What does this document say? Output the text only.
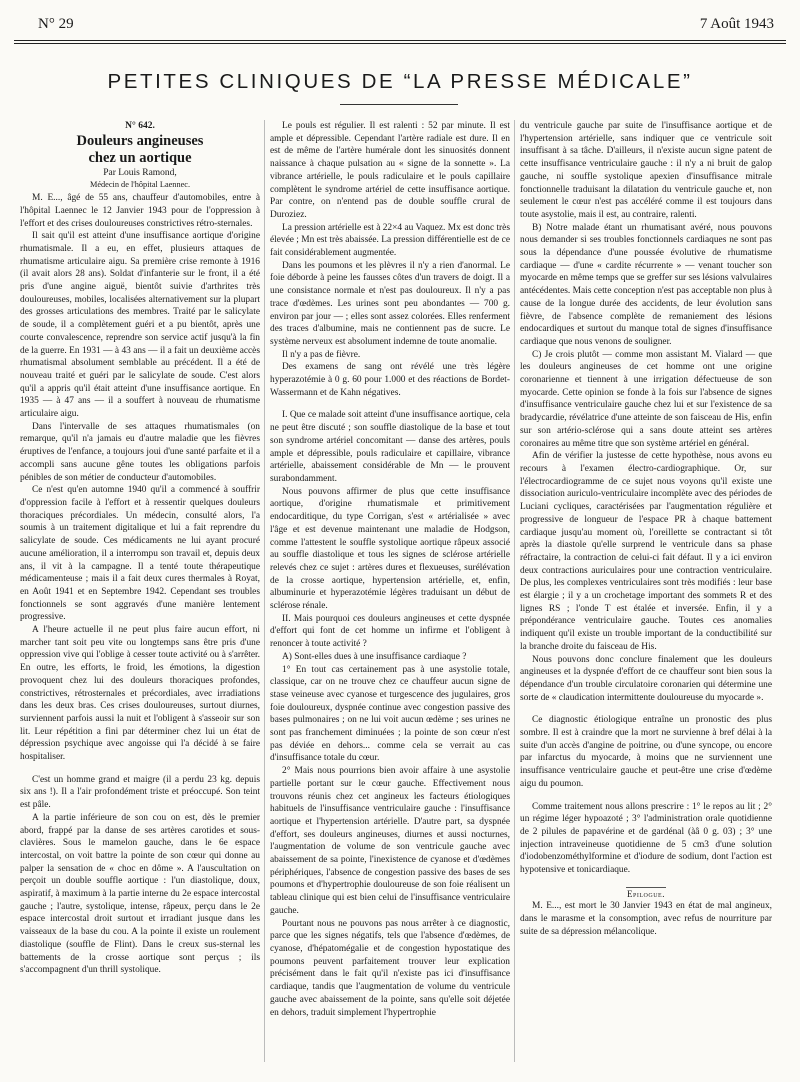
N° 29	7 Août 1943
PETITES CLINIQUES DE “LA PRESSE MÉDICALE”

N° 642.

Douleurs angineuses
chez un aortique

Par Louis Ramond,

Médecin de l'hôpital Laennec.

M. E..., âgé de 55 ans, chauffeur d'automobiles, entre à l'hôpital Laennec le 12 Janvier 1943 pour de l'oppression à l'effort et des crises douloureuses constrictives rétro-sternales.

Il sait qu'il est atteint d'une insuffisance aortique d'origine rhumatismale. Il a eu, en effet, plusieurs attaques de rhumatisme articulaire aigu. Sa première crise remonte à 1916 (il avait alors 28 ans). Soldat d'infanterie sur le front, il a été pris d'une angine aiguë, bientôt suivie d'arthrites très douloureuses, mobiles, localisées alternativement sur la plupart des grosses articulations des membres. Traité par le salicylate de soude, il a complètement guéri et a pu bientôt, après une courte convalescence, reprendre son service actif jusqu'à la fin de la guerre. En 1931 — à 43 ans — il a fait un deuxième accès rhumatismal absolument semblable au précédent. Il a été de nouveau traité et guéri par le salicylate de soude. C'est alors qu'il a appris qu'il était atteint d'une insuffisance aortique. En 1935 — à 47 ans — il a souffert à nouveau de rhumatisme articulaire aigu.

Dans l'intervalle de ses attaques rhumatismales (on remarque, qu'il n'a jamais eu d'autre maladie que les fièvres éruptives de l'enfance, a toujours joui d'une santé parfaite et il a accompli sans aucune gêne toutes les obligations parfois pénibles de son métier de conducteur d'automobiles.

Ce n'est qu'en automne 1940 qu'il a commencé à souffrir d'oppression facile à l'effort et à ressentir quelques douleurs thoraciques précordiales. Un médecin, consulté alors, l'a soumis à un traitement digitalique et lui a fait reprendre du salicylate de soude. Ces médicaments ne lui ayant procuré aucune amélioration, il a interrompu son travail et, depuis deux ans, il vit à la campagne. Il a tenté toute thérapeutique médicamenteuse ; mais il a fait deux cures thermales à Royat, en Août 1941 et en Septembre 1942. Cependant ses troubles fonctionnels se sont aggravés d'une manière lentement progressive.

A l'heure actuelle il ne peut plus faire aucun effort, ni marcher tant soit peu vite ou longtemps sans être pris d'une oppression vive qui l'oblige à cesser toute activité ou à s'arrêter. En outre, les efforts, le froid, les émotions, la digestion provoquent chez lui des douleurs thoraciques profondes, constrictives, rétrosternales et précordiales, avec irradiations dans les deux bras. Ces crises douloureuses, surtout diurnes, surviennent parfois aussi la nuit et l'obligent à s'asseoir sur son lit. Leur répétition a fini par déterminer chez lui un état de dépression psychique avec angoisse qui l'a décidé à se faire hospitaliser.

C'est un homme grand et maigre (il a perdu 23 kg. depuis six ans !). Il a l'air profondément triste et préoccupé. Son teint est pâle.

A la partie inférieure de son cou on est, dès le premier abord, frappé par la danse de ses artères carotides et sous-clavières. Sous le mamelon gauche, dans le 6e espace intercostal, on voit battre la pointe de son cœur qui donne au palper la sensation de « choc en dôme ». A l'auscultation on perçoit un double souffle aortique : l'un diastolique, doux, aspiratif, à maximum à la partie interne du 2e espace intercostal gauche ; l'autre, systolique, intense, râpeux, perçu dans le 2e espace intercostal droit surtout et irradiant jusque dans les vaisseaux de la base du cou. A la pointe il existe un roulement diastolique (souffle de Flint). Dans le creux sus-sternal les battements de la crosse aortique sont perçus ; ils s'accompagnent d'un thrill systolique.

Le pouls est régulier. Il est ralenti : 52 par minute. Il est ample et dépressible. Cependant l'artère radiale est dure. Il en est de même de l'artère humérale dont les sinuosités donnent naissance à chaque pulsation au « signe de la sonnette ». La vibrance artérielle, le pouls radiculaire et le pouls capillaire complètent le syndrome artériel de cette insuffisance aortique. Par contre, on n'entend pas de double souffle crural de Duroziez.

La pression artérielle est à 22×4 au Vaquez. Mx est donc très élevée ; Mn est très abaissée. La pression différentielle est de ce fait considérablement augmentée.

Dans les poumons et les plèvres il n'y a rien d'anormal. Le foie déborde à peine les fausses côtes d'un travers de doigt. Il a une consistance normale et n'est pas douloureux. Il n'y a pas trace d'œdèmes. Les urines sont peu abondantes — 700 g. environ par jour — ; elles sont assez colorées. Elles renferment des traces d'albumine, mais ne contiennent pas de sucre. Le système nerveux est absolument indemne de toute anomalie.

Il n'y a pas de fièvre.

Des examens de sang ont révélé une très légère hyperazotémie à 0 g. 60 pour 1.000 et des réactions de Bordet-Wassermann et de Kahn négatives.

I. Que ce malade soit atteint d'une insuffisance aortique, cela ne peut être discuté ; son souffle diastolique de la base et tout son syndrome artériel concomitant — danse des artères, pouls ample et dépressible, pouls radiculaire et capillaire, vibrance artérielle, abaissement considérable de Mn — le prouvent surabondamment.

Nous pouvons affirmer de plus que cette insuffisance aortique, d'origine rhumatismale et primitivement endocarditique, du type Corrigan, s'est « artérialisée » avec l'âge et est devenue maintenant une maladie de Hodgson, comme l'attestent le souffle systolique aortique râpeux associé au souffle diastolique et tous les signes de sclérose artérielle relevés chez ce sujet : artères dures et flexueuses, surélévation de la crosse aortique, hypertension artérielle, et, enfin, albuminurie et hyperazotémie légères traduisant un début de sclérose rénale.

II. Mais pourquoi ces douleurs angineuses et cette dyspnée d'effort qui font de cet homme un infirme et l'obligent à renoncer à toute activité ?

A) Sont-elles dues à une insuffisance cardiaque ?

1° En tout cas certainement pas à une asystolie totale, classique, car on ne trouve chez ce chauffeur aucun signe de stase veineuse avec cyanose et turgescence des jugulaires, gros foie douloureux, dyspnée continue avec congestion passive des bases pulmonaires ; on ne lui voit aucun œdème ; ses urines ne sont pas franchement diminuées ; la pointe de son cœur n'est pas déviée en dehors... comme cela se verrait au cas d'insuffisance totale du cœur.

2° Mais nous pourrions bien avoir affaire à une asystolie partielle portant sur le cœur gauche. Effectivement nous trouvons réunis chez cet angineux les facteurs étiologiques habituels de l'insuffisance ventriculaire gauche : l'insuffisance aortique et l'hypertension artérielle. D'autre part, sa dyspnée d'effort, ses douleurs angineuses, diurnes et aussi nocturnes, l'augmentation de volume de son ventricule gauche avec abaissement de sa pointe, l'inexistence de cyanose et d'œdèmes périphériques, l'absence de congestion passive des bases de ses poumons et d'hypertrophie douloureuse de son foie réalisent un tableau clinique qui est bien celui de l'insuffisance ventriculaire gauche.

Pourtant nous ne pouvons pas nous arrêter à ce diagnostic, parce que les signes négatifs, tels que l'absence d'œdèmes, de cyanose, d'hépatomégalie et de congestion hypostatique des poumons peuvent parfaitement trouver leur explication précisément dans le fait qu'il n'existe pas ici d'insuffisance cardiaque, tandis que l'augmentation de volume du ventricule gauche avec abaissement de la pointe, sans qu'elle soit déjetée en dehors, traduit simplement l'hypertrophie

du ventricule gauche par suite de l'insuffisance aortique et de l'hypertension artérielle, sans indiquer que ce ventricule soit insuffisant à sa tâche. D'ailleurs, il n'existe aucun signe patent de cette insuffisance ventriculaire gauche : il n'y a ni bruit de galop gauche, ni souffle systolique apexien d'insuffisance mitrale fonctionnelle traduisant la dilatation du ventricule gauche et, non seulement le cœur n'est pas accéléré comme il est toujours dans toute asystolie, mais il est, au contraire, ralenti.

B) Notre malade étant un rhumatisant avéré, nous pouvons nous demander si ses troubles fonctionnels cardiaques ne sont pas sous la dépendance d'une poussée évolutive de rhumatisme cardiaque — d'une « cardite récurrente » — venant toucher son myocarde en même temps que se greffer sur ses lésions valvulaires antécédentes. Mais cette conception n'est pas acceptable non plus à cause de la longue durée des accidents, de leur évolution sans fièvre, de l'absence complète de remaniement des lésions endocardiques et surtout du manque total de signes d'insuffisance cardiaque que nous venons de souligner.

C) Je crois plutôt — comme mon assistant M. Vialard — que les douleurs angineuses de cet homme ont une origine coronarienne et tiennent à une irrigation défectueuse de son myocarde. Cette opinion se fonde à la fois sur l'absence de signes d'insuffisance ventriculaire gauche chez lui et sur l'existence de sa bradycardie, révélatrice d'une atteinte de son faisceau de His, enfin sur son artério-sclérose qui a sans doute atteint ses artères coronaires au même titre que son système artériel en général.

Afin de vérifier la justesse de cette hypothèse, nous avons eu recours à l'examen électro-cardiographique. Or, sur l'électrocardiogramme de ce sujet nous voyons qu'il existe une dissociation auriculo-ventriculaire incomplète avec des périodes de Luciani cycliques, caractérisées par l'augmentation régulière et progressive de longueur de l'espace PR à chaque battement cardiaque jusqu'au moment où, l'oreillette se contractant si tôt après la diastole qu'elle surprend le ventricule dans sa phase réfractaire, la contraction de celui-ci fait défaut. Il y a ici environ deux contractions auriculaires pour une contraction ventriculaire. De plus, les complexes ventriculaires sont très modifiés : leur base est élargie ; il y a un crochetage important des sommets R et des lignes RS ; l'onde T est étalée et inversée. Enfin, il y a prépondérance ventriculaire gauche. Toutes ces anomalies indiquent qu'il existe un trouble important de la conductibilité sur la branche droite du faisceau de His.

Nous pouvons donc conclure finalement que les douleurs angineuses et la dyspnée d'effort de ce chauffeur sont bien sous la dépendance d'un trouble circulatoire coronarien qui détermine une sorte de « claudication intermittente douloureuse du myocarde ».

Ce diagnostic étiologique entraîne un pronostic des plus sombre. Il est à craindre que la mort ne survienne à bref délai à la suite d'un accès d'angine de poitrine, ou d'une syncope, ou encore par infarctus du myocarde, à moins que ne surviennent une insuffisance ventriculaire gauche et peut-être une crise d'œdème aigu du poumon.

Comme traitement nous allons prescrire : 1° le repos au lit ; 2° un régime léger hypoazoté ; 3° l'administration orale quotidienne de 2 pilules de papavérine et de gardénal (àâ 0 g. 03) ; 3° une injection intraveineuse quotidienne de 5 cm3 d'une solution d'iodobenzométhylformine et d'iodure de sodium, dont l'action est hypotensive et tonicardiaque.

Epilogue.

M. E..., est mort le 30 Janvier 1943 en état de mal angineux, dans le marasme et la consomption, avec refus de nourriture par suite de sa dépression mélancolique.
